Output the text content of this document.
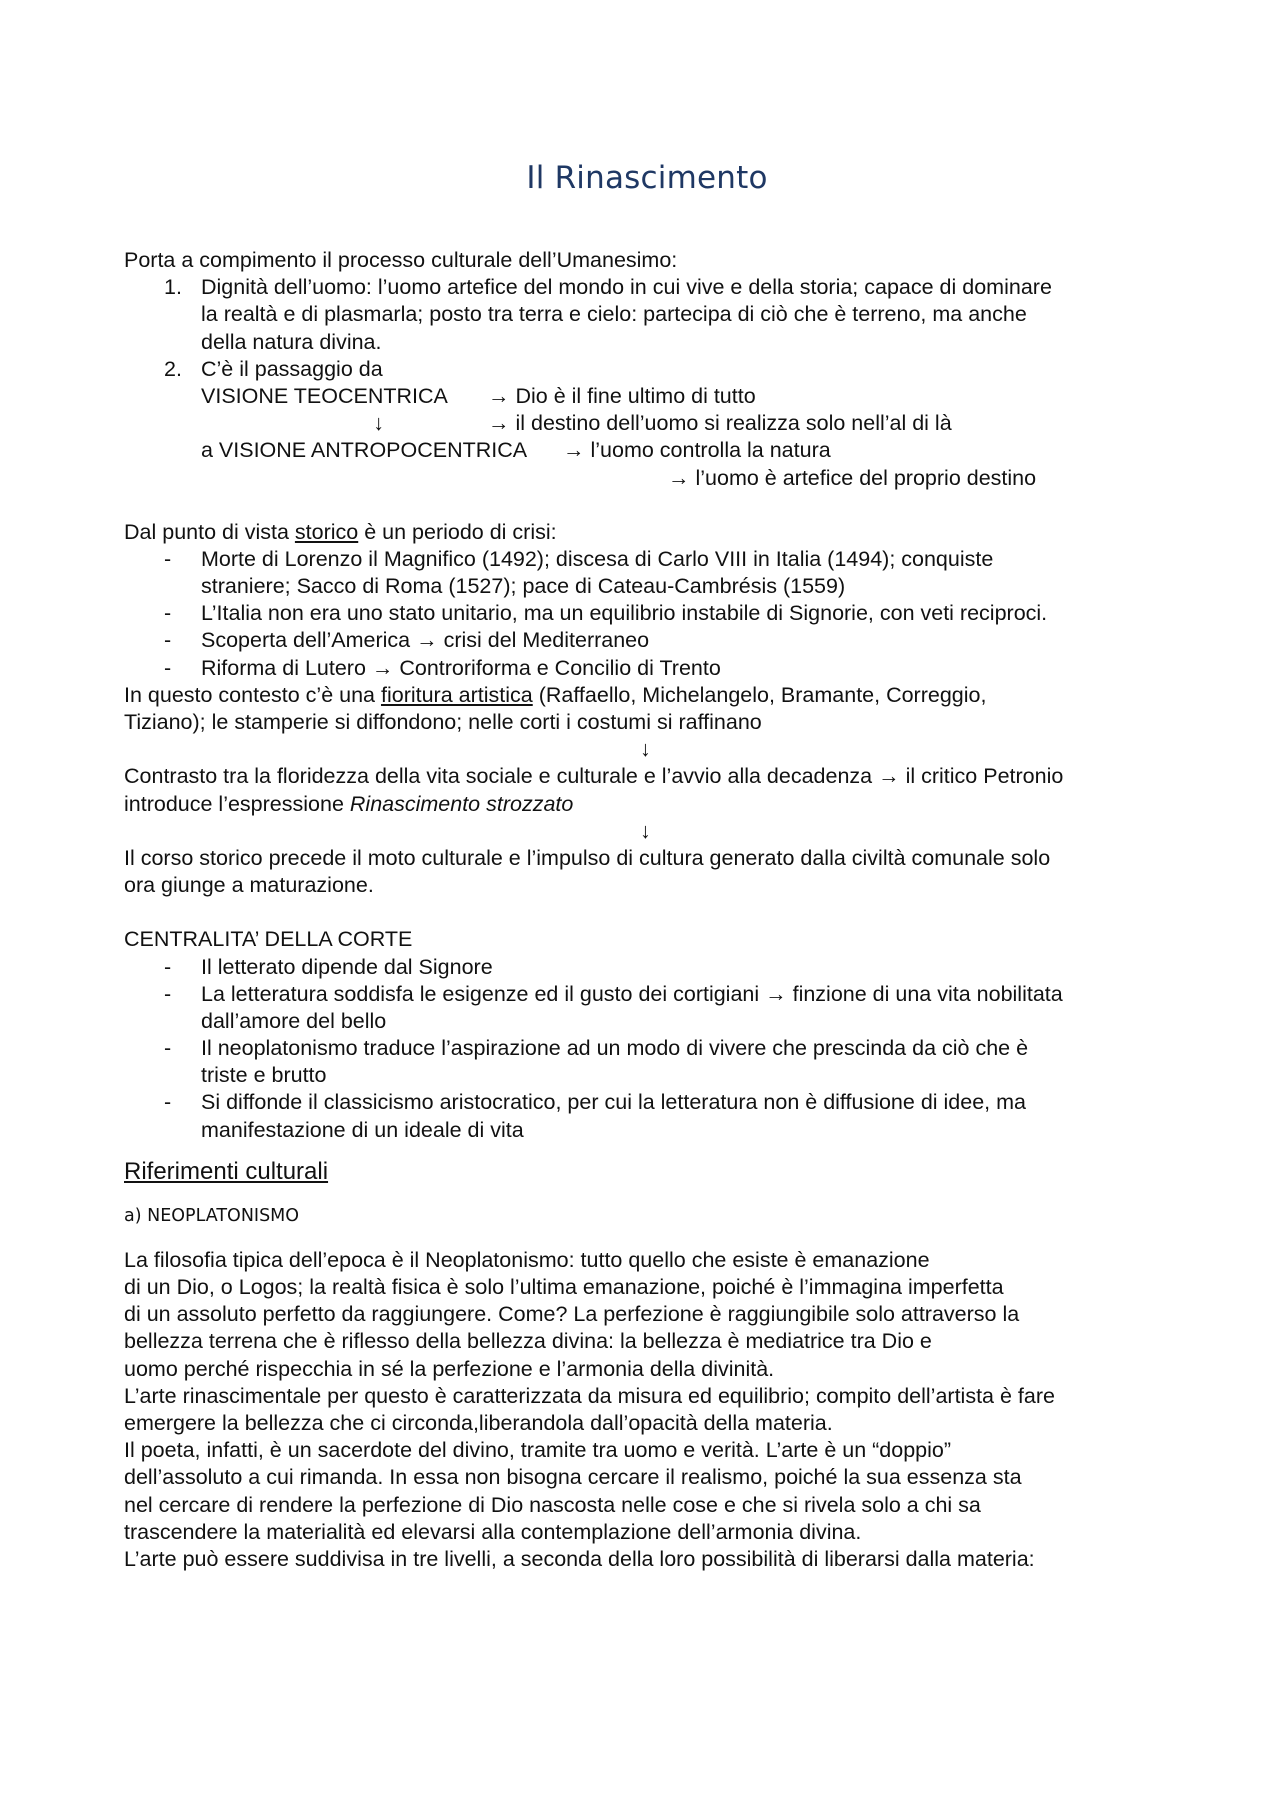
Il Rinascimento
Porta a compimento il processo culturale dell’Umanesimo:
1. Dignità dell’uomo: l’uomo artefice del mondo in cui vive e della storia; capace di dominare
la realtà e di plasmarla; posto tra terra e cielo: partecipa di ciò che è terreno, ma anche
della natura divina.
2. C’è il passaggio da
VISIONE TEOCENTRICA → Dio è il fine ultimo di tutto
↓	→ il destino dell’uomo si realizza solo nell’al di là
a VISIONE ANTROPOCENTRICA → l’uomo controlla la natura
→ l’uomo è artefice del proprio destino
Dal punto di vista storico è un periodo di crisi:
-	Morte di Lorenzo il Magnifico (1492); discesa di Carlo VIII in Italia (1494); conquiste
straniere; Sacco di Roma (1527); pace di Cateau-Cambrésis (1559)
-	L’Italia non era uno stato unitario, ma un equilibrio instabile di Signorie, con veti reciproci.
-	Scoperta dell’America → crisi del Mediterraneo
-	Riforma di Lutero → Controriforma e Concilio di Trento
In questo contesto c’è una fioritura artistica (Raffaello, Michelangelo, Bramante, Correggio,
Tiziano); le stamperie si diffondono; nelle corti i costumi si raffinano
↓
Contrasto tra la floridezza della vita sociale e culturale e l’avvio alla decadenza → il critico Petronio
introduce l’espressione Rinascimento strozzato
↓
Il corso storico precede il moto culturale e l’impulso di cultura generato dalla civiltà comunale solo
ora giunge a maturazione.
CENTRALITA’ DELLA CORTE
-	Il letterato dipende dal Signore
-	La letteratura soddisfa le esigenze ed il gusto dei cortigiani → finzione di una vita nobilitata
dall’amore del bello
-	Il neoplatonismo traduce l’aspirazione ad un modo di vivere che prescinda da ciò che è
triste e brutto
-	Si diffonde il classicismo aristocratico, per cui la letteratura non è diffusione di idee, ma
manifestazione di un ideale di vita
Riferimenti culturali
a) NEOPLATONISMO
La filosofia tipica dell’epoca è il Neoplatonismo: tutto quello che esiste è emanazione
di un Dio, o Logos; la realtà fisica è solo l’ultima emanazione, poiché è l’immagina imperfetta
di un assoluto perfetto da raggiungere. Come? La perfezione è raggiungibile solo attraverso la
bellezza terrena che è riflesso della bellezza divina: la bellezza è mediatrice tra Dio e
uomo perché rispecchia in sé la perfezione e l’armonia della divinità.
L’arte rinascimentale per questo è caratterizzata da misura ed equilibrio; compito dell’artista è fare
emergere la bellezza che ci circonda,liberandola dall’opacità della materia.
Il poeta, infatti, è un sacerdote del divino, tramite tra uomo e verità. L’arte è un “doppio”
dell’assoluto a cui rimanda. In essa non bisogna cercare il realismo, poiché la sua essenza sta
nel cercare di rendere la perfezione di Dio nascosta nelle cose e che si rivela solo a chi sa
trascendere la materialità ed elevarsi alla contemplazione dell’armonia divina.
L’arte può essere suddivisa in tre livelli, a seconda della loro possibilità di liberarsi dalla materia:
